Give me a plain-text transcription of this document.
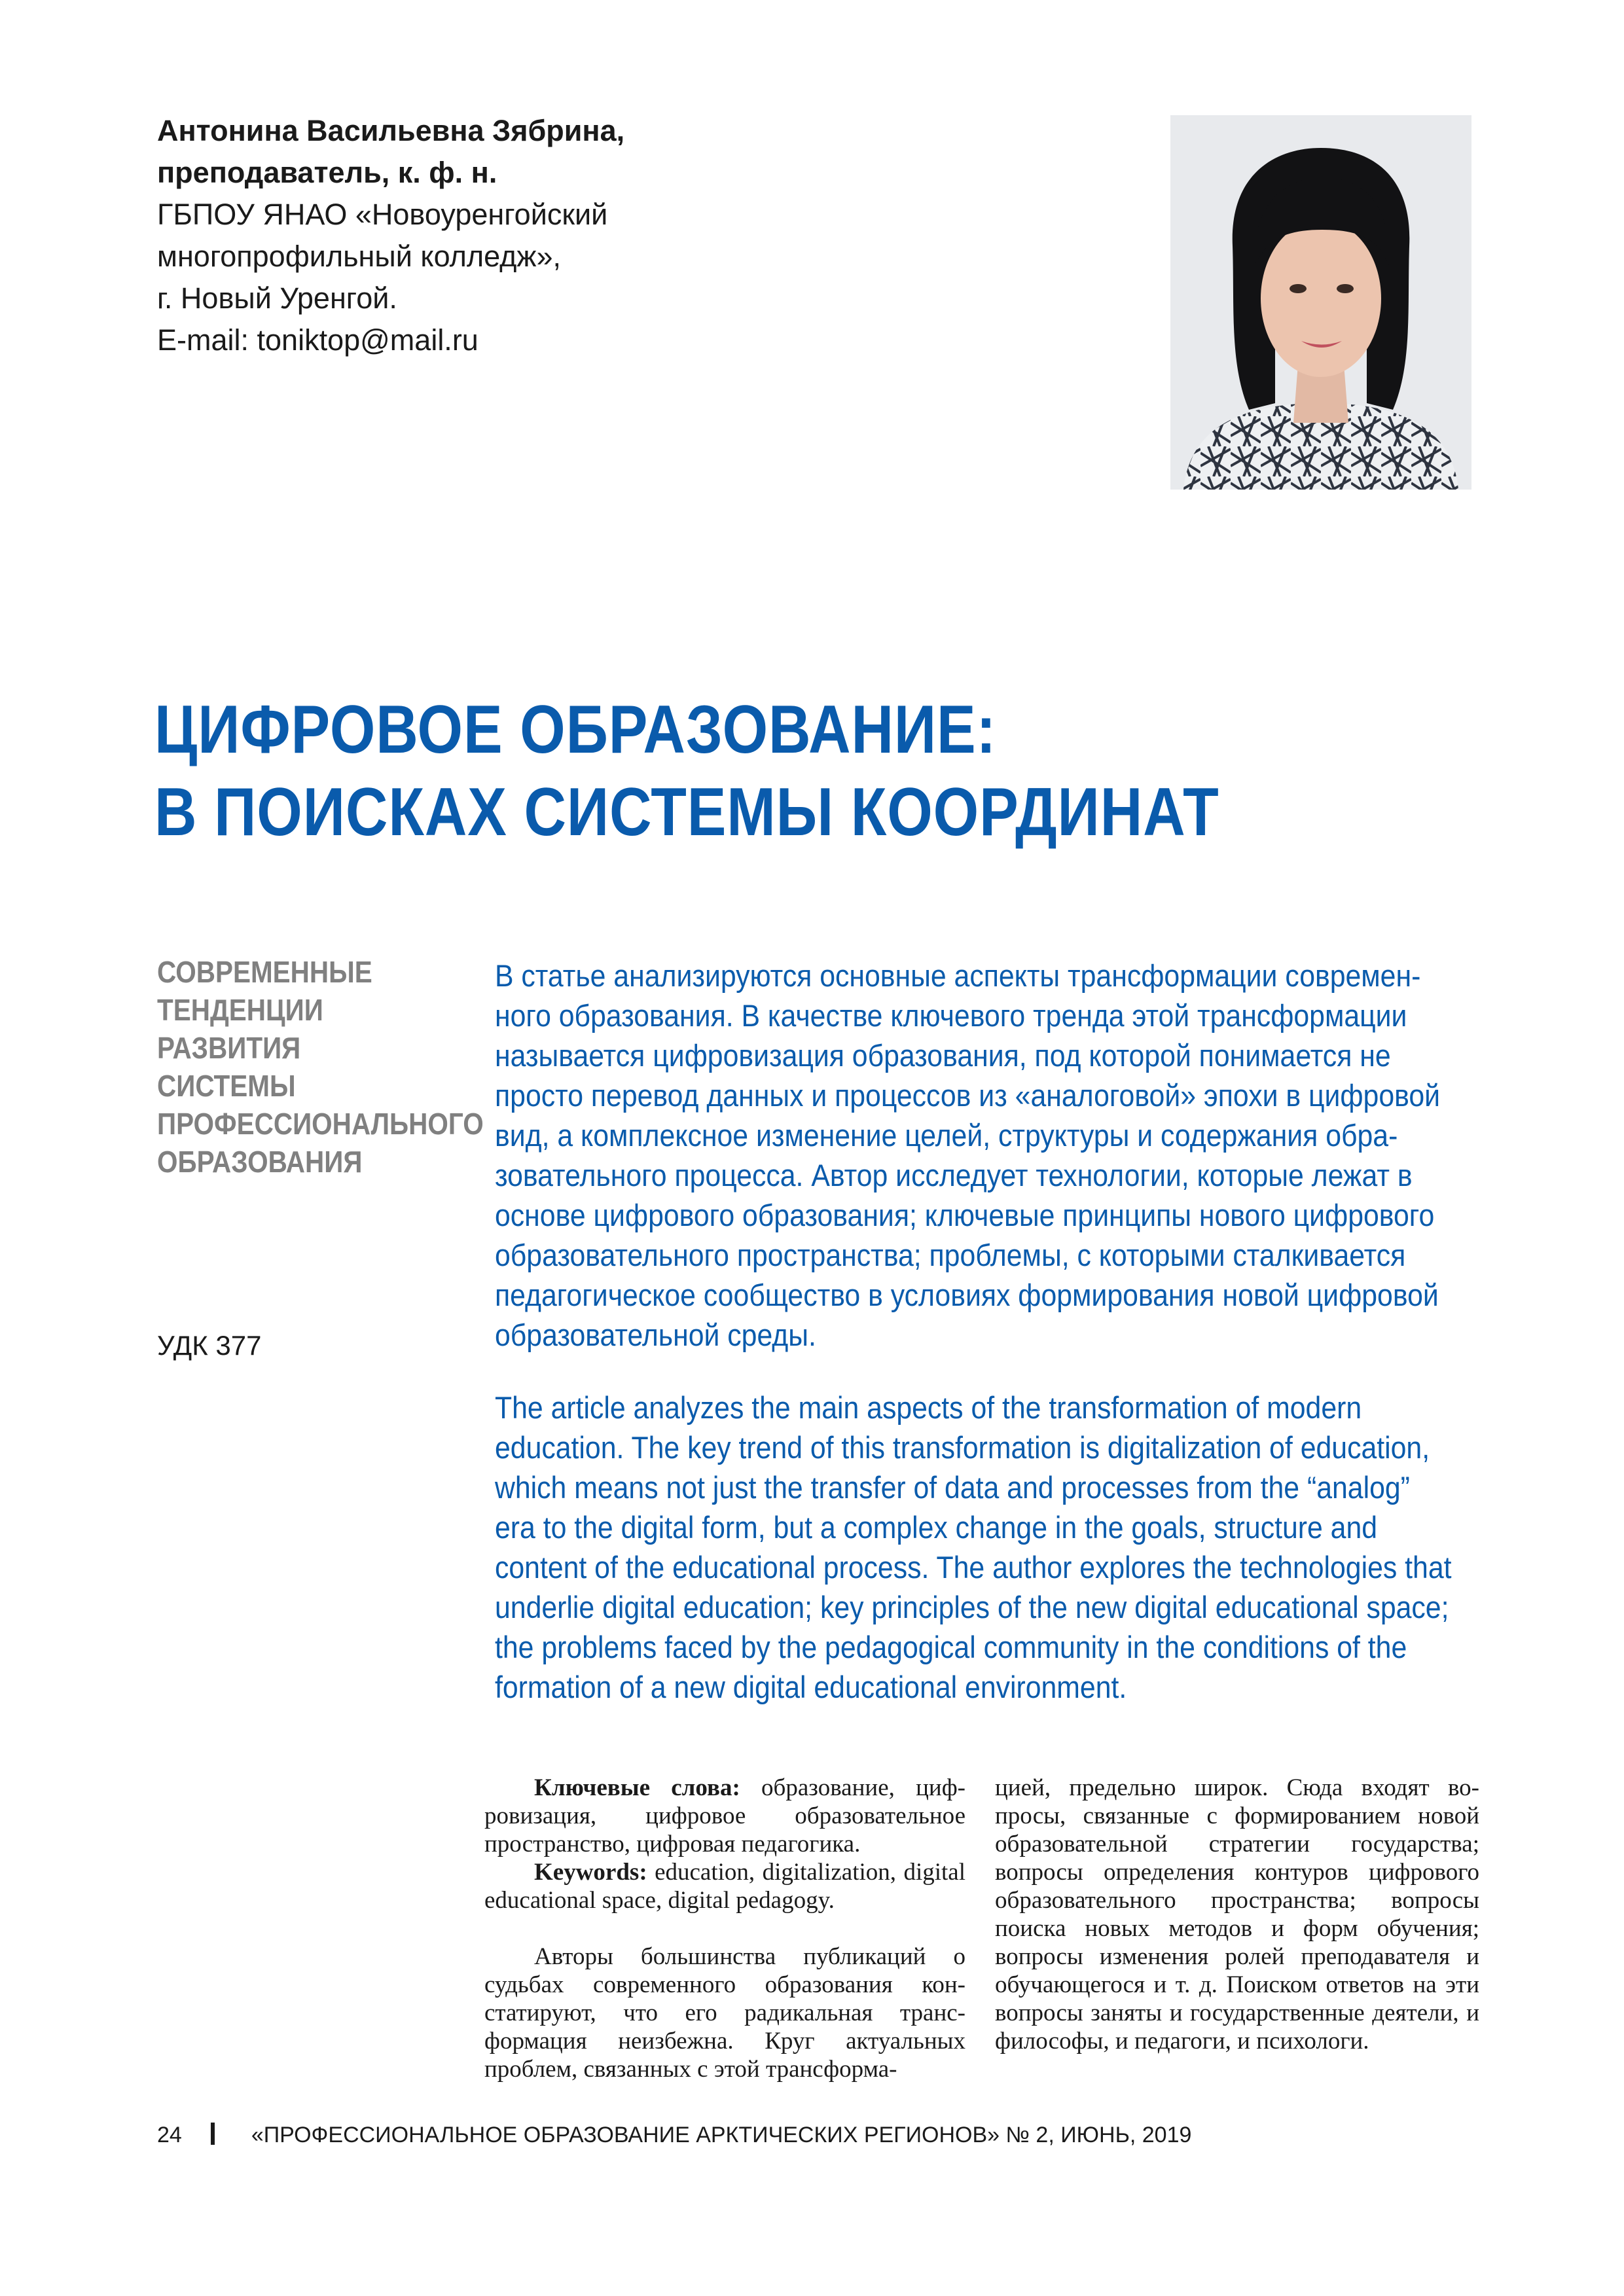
Антонина Васильевна Зябрина,
преподаватель, к. ф. н.
ГБПОУ ЯНАО «Новоуренгойский
многопрофильный колледж»,
г. Новый Уренгой.
E-mail: toniktop@mail.ru
ЦИФРОВОЕ ОБРАЗОВАНИЕ:
В ПОИСКАХ СИСТЕМЫ КООРДИНАТ
СОВРЕМЕННЫЕ
ТЕНДЕНЦИИ
РАЗВИТИЯ СИСТЕМЫ
ПРОФЕССИОНАЛЬНОГО
ОБРАЗОВАНИЯ
УДК 377
В статье анализируются основные аспекты трансформации современ-
ного образования. В качестве ключевого тренда этой трансформации
называется цифровизация образования, под которой понимается не
просто перевод данных и процессов из «аналоговой» эпохи в цифровой
вид, а комплексное изменение целей, структуры и содержания обра-
зовательного процесса. Автор исследует технологии, которые лежат в
основе цифрового образования; ключевые принципы нового цифрового
образовательного пространства; проблемы, с которыми сталкивается
педагогическое сообщество в условиях формирования новой цифровой
образовательной среды.
The article analyzes the main aspects of the transformation of modern
education. The key trend of this transformation is digitalization of education,
which means not just the transfer of data and processes from the “analog”
era to the digital form, but a complex change in the goals, structure and
content of the educational process. The author explores the technologies that
underlie digital education; key principles of the new digital educational space;
the problems faced by the pedagogical community in the conditions of the
formation of a new digital educational environment.

Ключевые слова: образование, цифровизация, цифровое образовательное пространство, цифровая педагогика.

Keywords: education, digitalization, digital educational space, digital pedagogy.

Авторы большинства публикаций о судьбах современного образования констатируют, что его радикальная трансформация неизбежна. Круг актуальных проблем, связанных с этой трансформа-

цией, предельно широк. Сюда входят вопросы, связанные с формированием новой образовательной стратегии государства; вопросы определения контуров цифрового образовательного пространства; вопросы поиска новых методов и форм обучения; вопросы изменения ролей преподавателя и обучающегося и т. д. Поиском ответов на эти вопросы заняты и государственные деятели, и философы, и педагоги, и психологи.

24	«ПРОФЕССИОНАЛЬНОЕ ОБРАЗОВАНИЕ АРКТИЧЕСКИХ РЕГИОНОВ» № 2, ИЮНЬ, 2019
